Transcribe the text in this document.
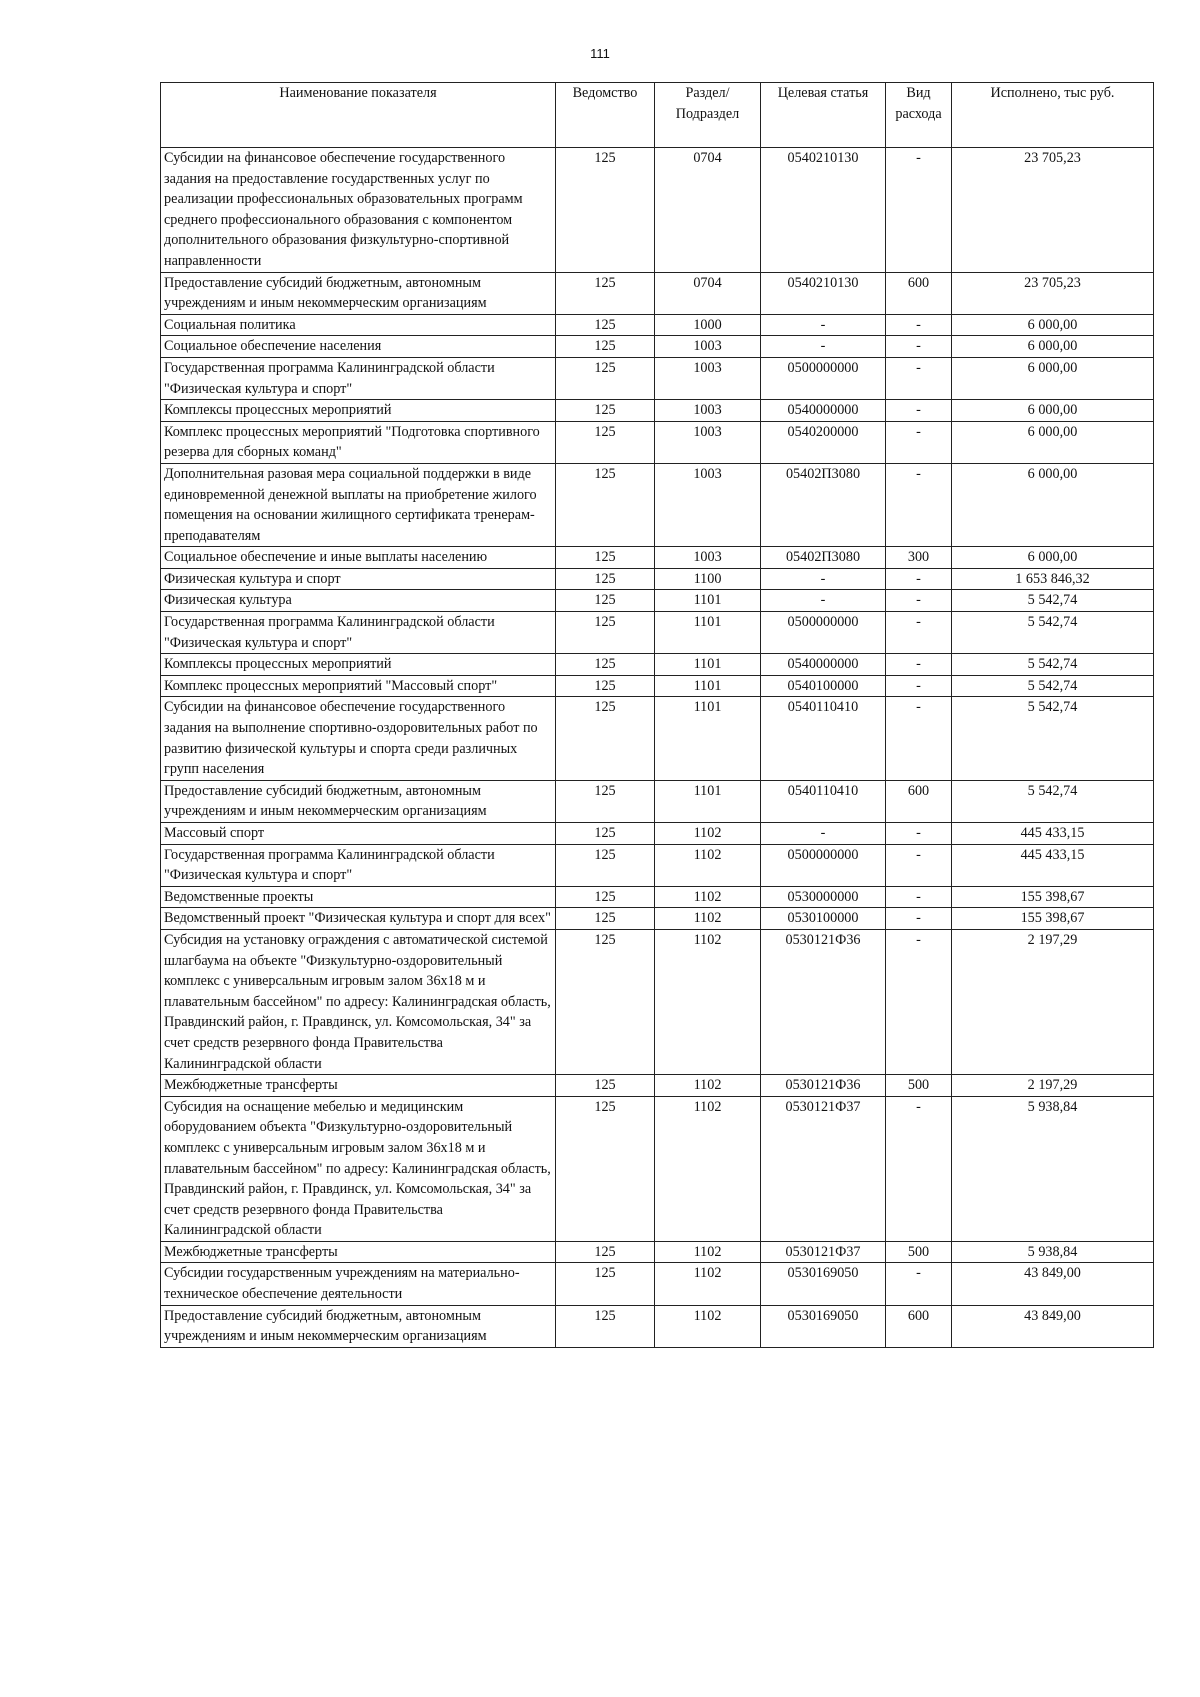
111
Наименование показателя	Ведомство	Раздел/ Подраздел	Целевая статья	Вид расхода	Исполнено, тыс руб.
Субсидии на финансовое обеспечение государственного задания на предоставление государственных услуг по реализации профессиональных образовательных программ среднего профессионального образования с компонентом дополнительного образования физкультурно-спортивной направленности	125	0704	0540210130	-	23 705,23
Предоставление субсидий бюджетным, автономным учреждениям и иным некоммерческим организациям	125	0704	0540210130	600	23 705,23
Социальная политика	125	1000	-	-	6 000,00
Социальное обеспечение населения	125	1003	-	-	6 000,00
Государственная программа Калининградской области "Физическая культура и спорт"	125	1003	0500000000	-	6 000,00
Комплексы процессных мероприятий	125	1003	0540000000	-	6 000,00
Комплекс процессных мероприятий "Подготовка спортивного резерва для сборных команд"	125	1003	0540200000	-	6 000,00
Дополнительная разовая мера социальной поддержки в виде единовременной денежной выплаты на приобретение жилого помещения на основании жилищного сертификата тренерам-преподавателям	125	1003	05402П3080	-	6 000,00
Социальное обеспечение и иные выплаты населению	125	1003	05402П3080	300	6 000,00
Физическая культура и спорт	125	1100	-	-	1 653 846,32
Физическая культура	125	1101	-	-	5 542,74
Государственная программа Калининградской области "Физическая культура и спорт"	125	1101	0500000000	-	5 542,74
Комплексы процессных мероприятий	125	1101	0540000000	-	5 542,74
Комплекс процессных мероприятий "Массовый спорт"	125	1101	0540100000	-	5 542,74
Субсидии на финансовое обеспечение государственного задания на выполнение спортивно-оздоровительных работ по развитию физической культуры и спорта среди различных групп населения	125	1101	0540110410	-	5 542,74
Предоставление субсидий бюджетным, автономным учреждениям и иным некоммерческим организациям	125	1101	0540110410	600	5 542,74
Массовый спорт	125	1102	-	-	445 433,15
Государственная программа Калининградской области "Физическая культура и спорт"	125	1102	0500000000	-	445 433,15
Ведомственные проекты	125	1102	0530000000	-	155 398,67
Ведомственный проект "Физическая культура и спорт для всех"	125	1102	0530100000	-	155 398,67
Субсидия на установку ограждения с автоматической системой шлагбаума на объекте "Физкультурно-оздоровительный комплекс с универсальным игровым залом 36х18 м и плавательным бассейном" по адресу: Калининградская область, Правдинский район, г. Правдинск, ул. Комсомольская, 34" за счет средств резервного фонда Правительства Калининградской области	125	1102	0530121Ф36	-	2 197,29
Межбюджетные трансферты	125	1102	0530121Ф36	500	2 197,29
Субсидия на оснащение мебелью и медицинским оборудованием объекта "Физкультурно-оздоровительный комплекс с универсальным игровым залом 36х18 м и плавательным бассейном" по адресу: Калининградская область, Правдинский район, г. Правдинск, ул. Комсомольская, 34" за счет средств резервного фонда Правительства Калининградской области	125	1102	0530121Ф37	-	5 938,84
Межбюджетные трансферты	125	1102	0530121Ф37	500	5 938,84
Субсидии государственным учреждениям на материально-техническое обеспечение деятельности	125	1102	0530169050	-	43 849,00
Предоставление субсидий бюджетным, автономным учреждениям и иным некоммерческим организациям	125	1102	0530169050	600	43 849,00
